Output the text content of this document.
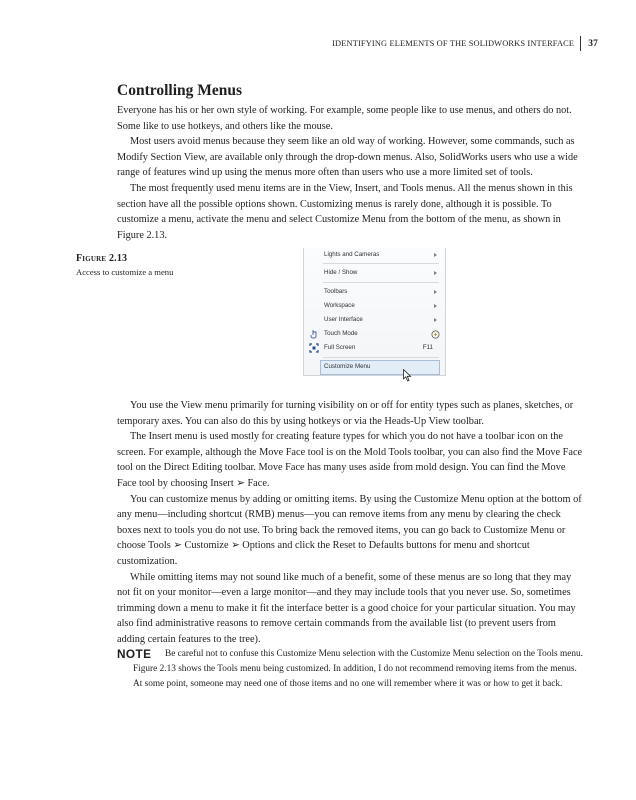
IDENTIFYING ELEMENTS OF THE SOLIDWORKS INTERFACE 37
Controlling Menus

Everyone has his or her own style of working. For example, some people like to use menus, and others do not. Some like to use hotkeys, and others like the mouse.

Most users avoid menus because they seem like an old way of working. However, some commands, such as Modify Section View, are available only through the drop-down menus. Also, SolidWorks users who use a wide range of features wind up using the menus more often than users who use a more limited set of tools.

The most frequently used menu items are in the View, Insert, and Tools menus. All the menus shown in this section have all the possible options shown. Customizing menus is rarely done, although it is possible. To customize a menu, activate the menu and select Customize Menu from the bottom of the menu, as shown in Figure 2.13.

Figure 2.13
Access to customize a menu
Lights and Cameras
Hide / Show
Toolbars
Workspace
User Interface
Touch Mode
Full Screen	F11
Customize Menu

You use the View menu primarily for turning visibility on or off for entity types such as planes, sketches, or temporary axes. You can also do this by using hotkeys or via the Heads-Up View toolbar.

The Insert menu is used mostly for creating feature types for which you do not have a toolbar icon on the screen. For example, although the Move Face tool is on the Mold Tools toolbar, you can also find the Move Face tool on the Direct Editing toolbar. Move Face has many uses aside from mold design. You can find the Move Face tool by choosing Insert ➢ Face.

You can customize menus by adding or omitting items. By using the Customize Menu option at the bottom of any menu—including shortcut (RMB) menus—you can remove items from any menu by clearing the check boxes next to tools you do not use. To bring back the removed items, you can go back to Customize Menu or choose Tools ➢ Customize ➢ Options and click the Reset to Defaults buttons for menu and shortcut customization.

While omitting items may not sound like much of a benefit, some of these menus are so long that they may not fit on your monitor—even a large monitor—and they may include tools that you never use. So, sometimes trimming down a menu to make it fit the interface better is a good choice for your particular situation. You may also find administrative reasons to remove certain commands from the available list (to prevent users from adding certain features to the tree).

NOTE	Be careful not to confuse this Customize Menu selection with the Customize Menu selection on the Tools menu. Figure 2.13 shows the Tools menu being customized. In addition, I do not recommend removing items from the menus. At some point, someone may need one of those items and no one will remember where it was or how to get it back.
